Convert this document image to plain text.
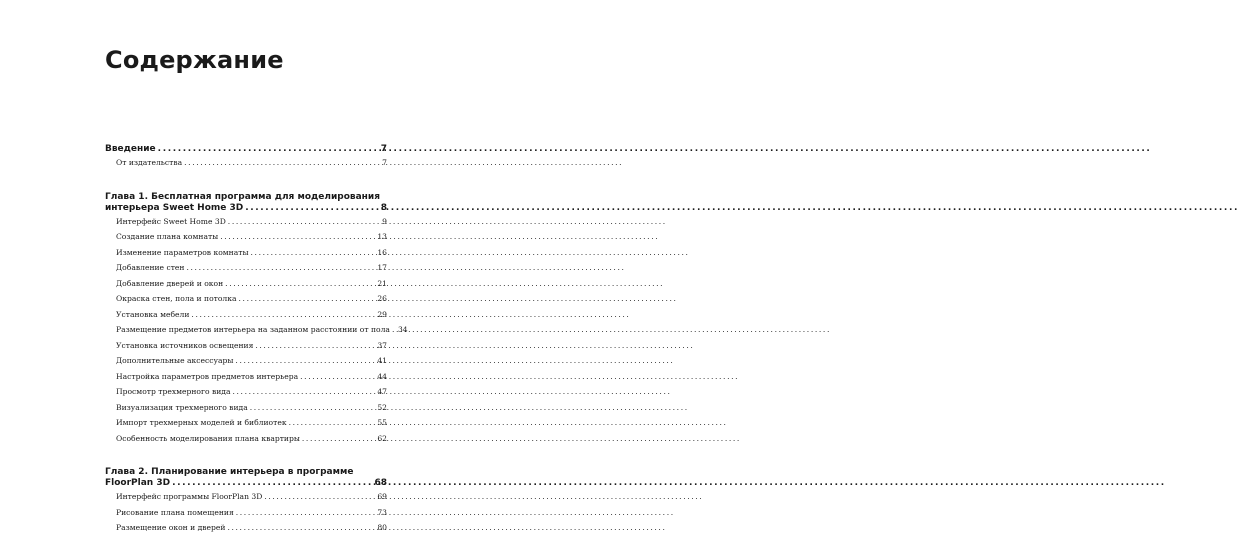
Содержание
Введение .....	7
От издательства . . .	7
Глава 1. Бесплатная программа для моделирования
интерьера Sweet Home 3D .....	8
Интерфейс Sweet Home 3D . . .	9
Создание плана комнаты . . .	13
Изменение параметров комнаты . . .	16
Добавление стен . . .	17
Добавление дверей и окон . . .	21
Окраска стен, пола и потолка . . .	26
Установка мебели . . .	29
Размещение предметов интерьера на заданном расстоянии от пола . . . 34
Установка источников освещения . . .	37
Дополнительные аксессуары . . .	41
Настройка параметров предметов интерьера . . .	44
Просмотр трехмерного вида . . .	47
Визуализация трехмерного вида . . .	52
Импорт трехмерных моделей и библиотек . . .	55
Особенность моделирования плана квартиры . . .	62
Глава 2. Планирование интерьера в программе
FloorPlan 3D .....	68
Интерфейс программы FloorPlan 3D . . .	69
Рисование плана помещения . . .	73
Размещение окон и дверей . . .	80
